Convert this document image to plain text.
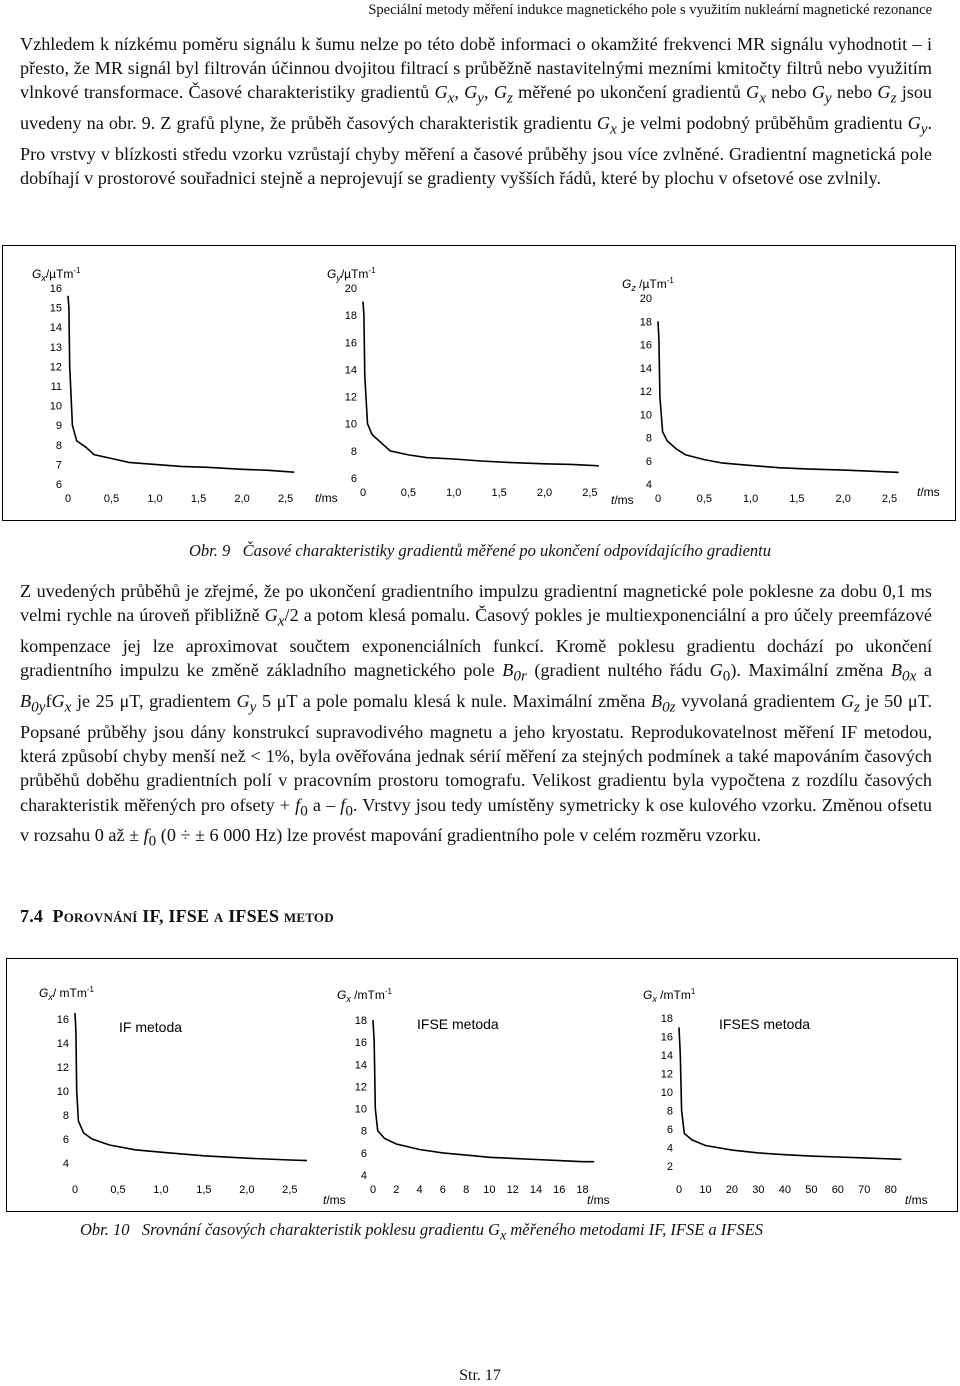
Speciální metody měření indukce magnetického pole s využitím nukleární magnetické rezonance
Vzhledem k nízkému poměru signálu k šumu nelze po této době informaci o okamžité frekvenci MR signálu vyhodnotit – i přesto, že MR signál byl filtrován účinnou dvojitou filtrací s průběžně nastavitelnými mezními kmitočty filtrů nebo využitím vlnkové transformace. Časové charakteristiky gradientů $G_x$, $G_y$, $G_z$ měřené po ukončení gradientů $G_x$ nebo $G_y$ nebo $G_z$ jsou uvedeny na obr. 9. Z grafů plyne, že průběh časových charakteristik gradientu $G_x$ je velmi podobný průběhům gradientu $G_y$. Pro vrstvy v blízkosti středu vzorku vzrůstají chyby měření a časové průběhy jsou více zvlněné. Gradientní magnetická pole dobíhají v prostorové souřadnici stejně a neprojevují se gradienty vyšších řádů, které by plochu v ofsetové ose zvlnily.
$G_x/\mu Tm^{-1}$
6
7
8
9
10
11
12
13
14
15
16
0	0,5	1,0	1,5	2,0	2,5 t/ms
$G_y/\mu Tm^{-1}$
6
8
10
12
14
16
18
20
0	0,5	1,0	1,5	2,0	2,5 t/ms
$G_z$ /µTm$^{-1}$
4
6
8
10
12
14
16
18
20
0	0,5	1,0	1,5	2,0	2,5 t/ms
Obr. 9 Časové charakteristiky gradientů měřené po ukončení odpovídajícího gradientu
Z uvedených průběhů je zřejmé, že po ukončení gradientního impulzu gradientní magnetické pole poklesne za dobu 0,1 ms velmi rychle na úroveň přibližně $G_x/2$ a potom klesá pomalu. Časový pokles je multiexponenciální a pro účely preemfázové kompenzace jej lze aproximovat součtem exponenciálních funkcí. Kromě poklesu gradientu dochází po ukončení gradientního impulzu ke změně základního magnetického pole $B_{0r}$ (gradient nultého řádu $G_0$). Maximální změna $B_{0x}$ a $B_{0y}fG_x$ je 25 μT, gradientem $G_y$ 5 μT a pole pomalu klesá k nule. Maximální změna $B_{0z}$ vyvolaná gradientem $G_z$ je 50 μT. Popsané průběhy jsou dány konstrukcí supravodivého magnetu a jeho kryostatu. Reprodukovatelnost měření IF metodou, která způsobí chyby menší než < 1%, byla ověřována jednak sérií měření za stejných podmínek a také mapováním časových průběhů doběhu gradientních polí v pracovním prostoru tomografu. Velikost gradientu byla vypočtena z rozdílu časových charakteristik měřených pro ofsety + $f_0$ a – $f_0$. Vrstvy jsou tedy umístěny symetricky k ose kulového vzorku. Změnou ofsetu v rozsahu 0 až ± $f_0$ (0 ÷ ± 6 000 Hz) lze provést mapování gradientního pole v celém rozměru vzorku.
7.4 Porovnání IF, IFSE a IFSES metod
$G_x/$ mTm$^{-1}$
4
6
8
10
12
14
16
0	0,5	1,0	1,5	2,0	2,5
t/ms
IF metoda
$G_x$ /mTm$^{-1}$
4
6
8
10
12
14
16
18
0 2 4 6 8 10 12 14 16 18
t/ms
IFSE metoda
$G_x$ /mTm$^1$
2
4
6
8
10
12
14
16
18
0 10 20 30 40 50 60 70 80
t/ms
IFSES metoda
Obr. 10 Srovnání časových charakteristik poklesu gradientu $G_x$ měřeného metodami IF, IFSE a IFSES
Str. 17
